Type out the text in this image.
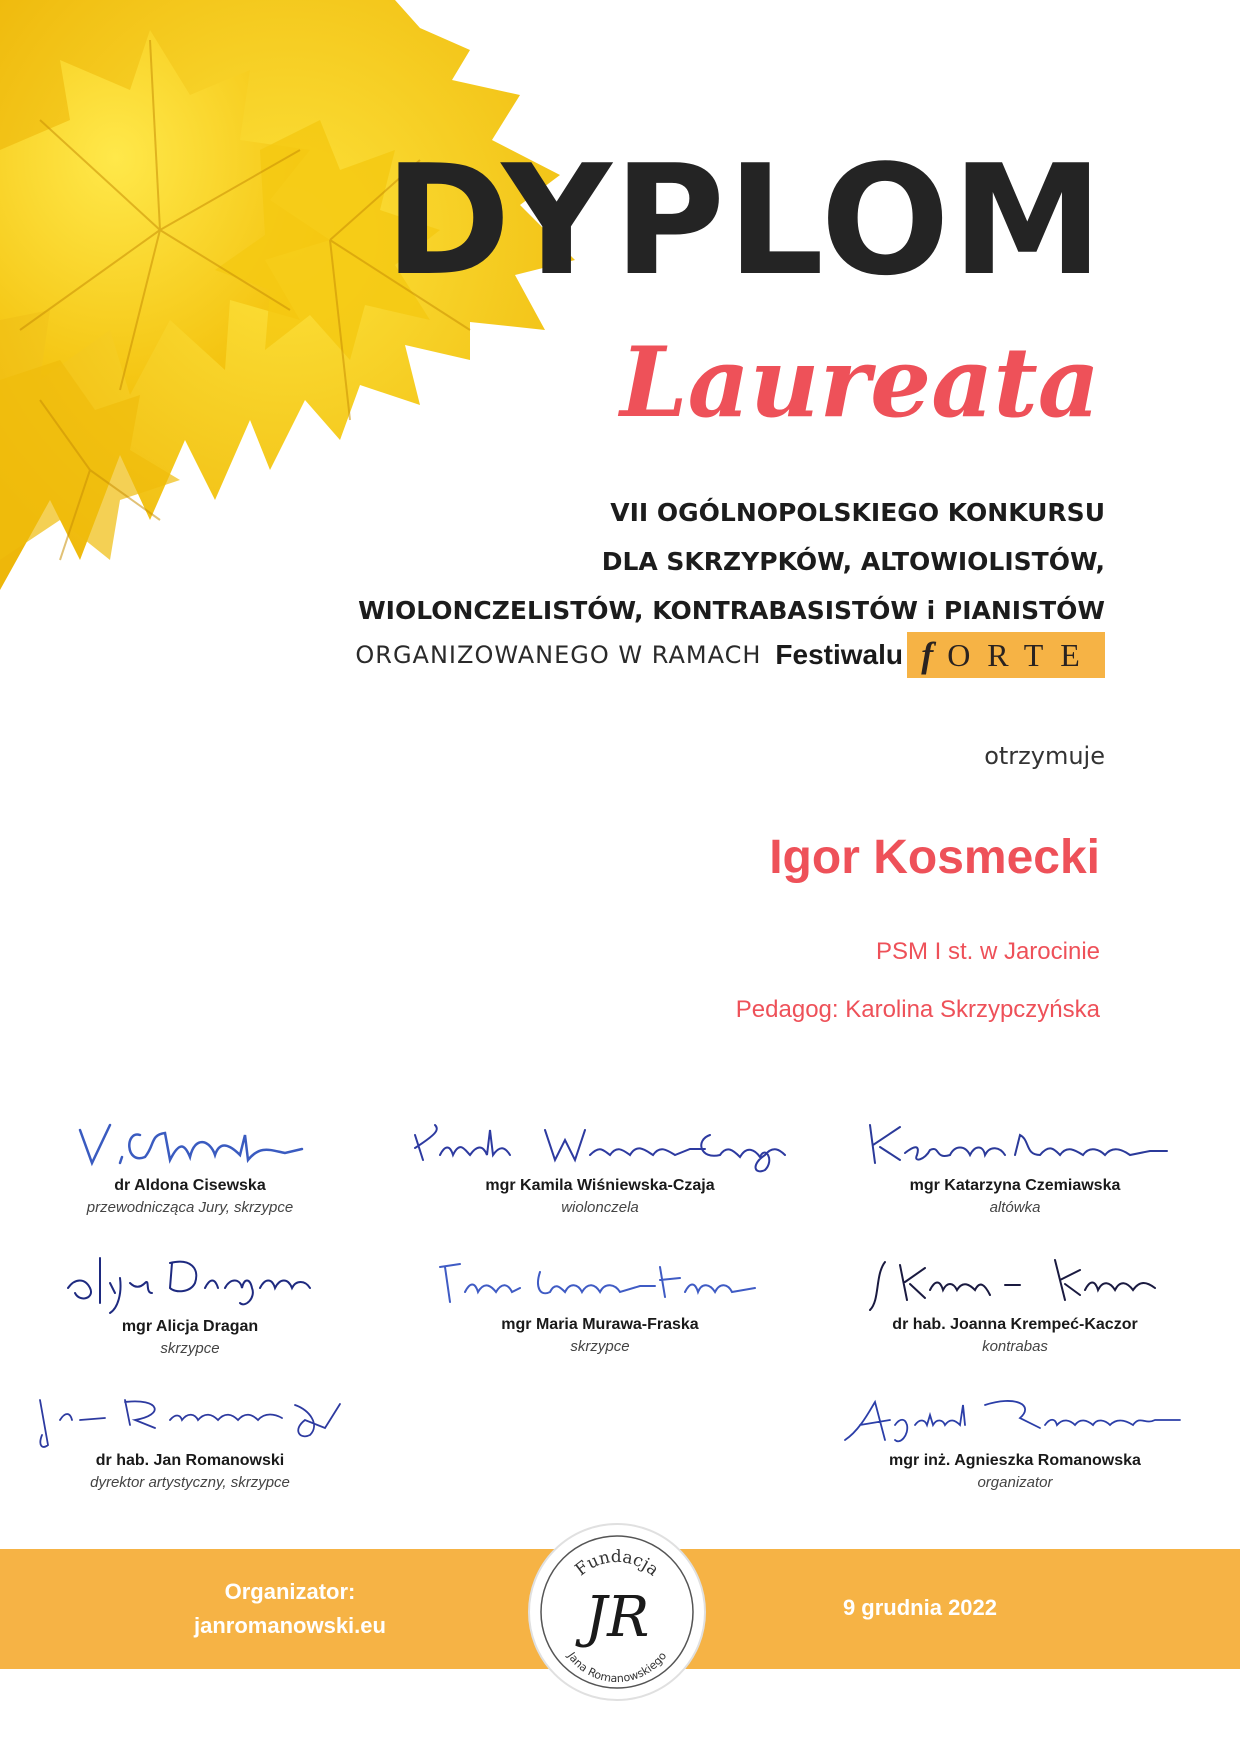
DYPLOM
Laureata
VII OGÓLNOPOLSKIEGO KONKURSU
DLA SKRZYPKÓW, ALTOWIOLISTÓW,
WIOLONCZELISTÓW, KONTRABASISTÓW i PIANISTÓW
ORGANIZOWANEGO W RAMACH Festiwalu f ORTE
otrzymuje
Igor Kosmecki
PSM I st. w Jarocinie
Pedagog: Karolina Skrzypczyńska
dr Aldona Cisewska
przewodnicząca Jury, skrzypce
mgr Kamila Wiśniewska-Czaja
wiolonczela
mgr Katarzyna Czemiawska
altówka
mgr Alicja Dragan
skrzypce
mgr Maria Murawa-Fraska
skrzypce
dr hab. Joanna Krempeć-Kaczor
kontrabas
dr hab. Jan Romanowski
dyrektor artystyczny, skrzypce
mgr inż. Agnieszka Romanowska
organizator
Organizator:
janromanowski.eu
9 grudnia 2022
Fundacja
JR
Jana Romanowskiego
